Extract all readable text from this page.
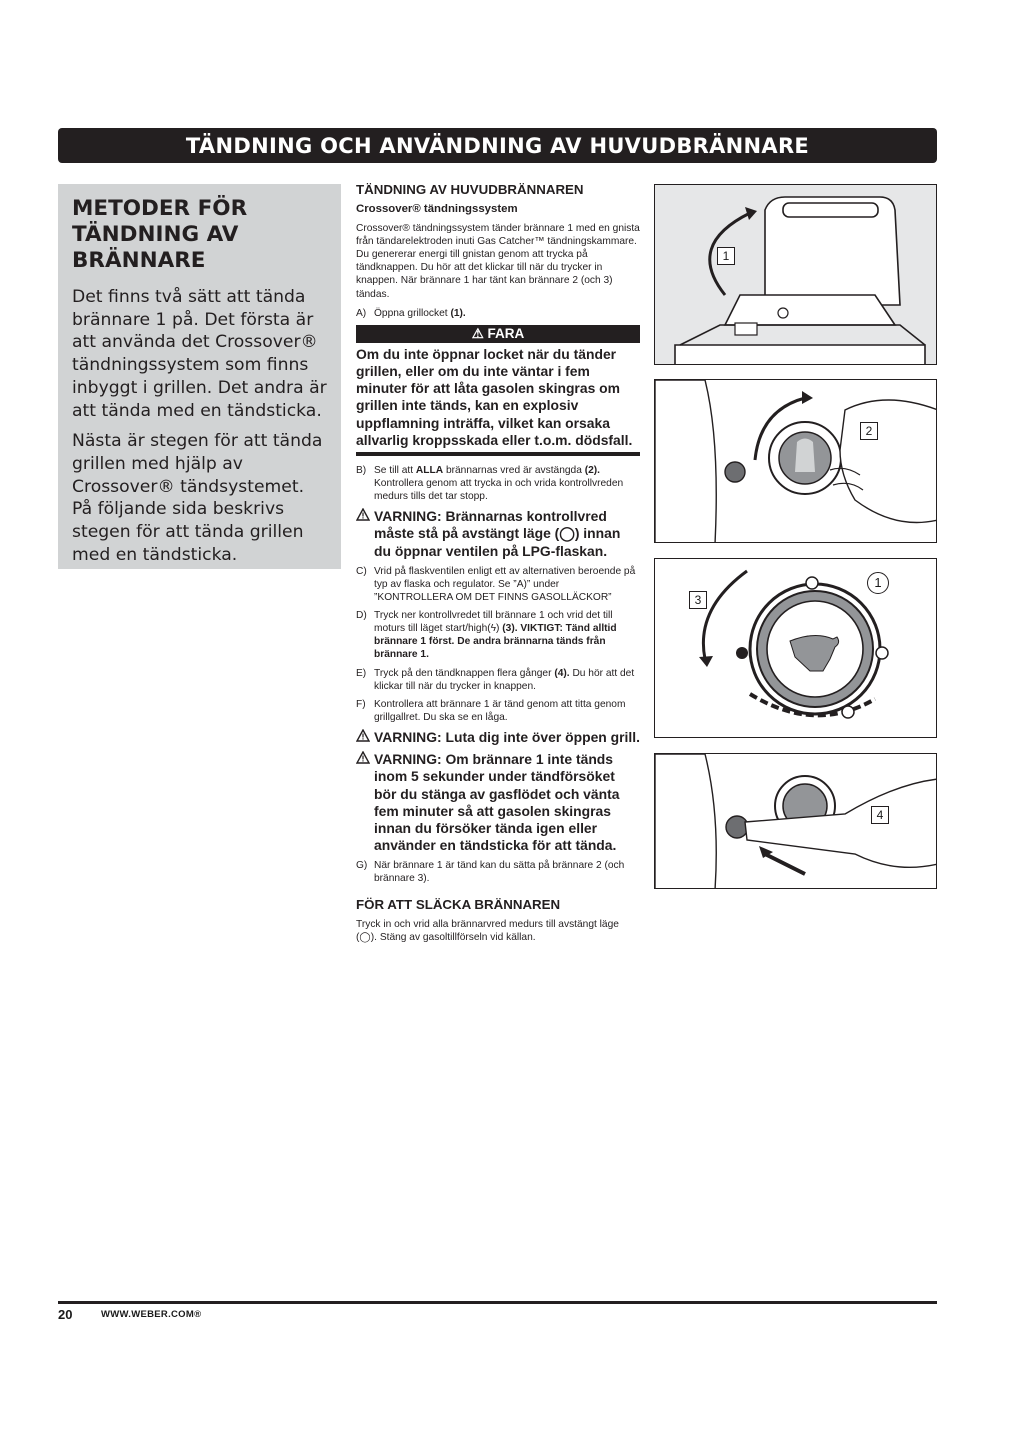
TÄNDNING OCH ANVÄNDNING AV HUVUDBRÄNNARE
METODER FÖR TÄNDNING AV BRÄNNARE

Det finns två sätt att tända brännare 1 på. Det första är att använda det Crossover® tändningssystem som finns inbyggt i grillen. Det andra är att tända med en tändsticka.

Nästa är stegen för att tända grillen med hjälp av Crossover® tändsystemet. På följande sida beskrivs stegen för att tända grillen med en tändsticka.

TÄNDNING AV HUVUDBRÄNNAREN
Crossover® tändningssystem

Crossover® tändningssystem tänder brännare 1 med en gnista från tändarelektroden inuti Gas Catcher™ tändningskammare. Du genererar energi till gnistan genom att trycka på tändknappen. Du hör att det klickar till när du trycker in knappen. När brännare 1 har tänt kan brännare 2 (och 3) tändas.

A) Öppna grillocket (1).
⚠ FARA
Om du inte öppnar locket när du tänder grillen, eller om du inte väntar i fem minuter för att låta gasolen skingras om grillen inte tänds, kan en explosiv uppflamning inträffa, vilket kan orsaka allvarlig kroppsskada eller t.o.m. dödsfall.
B) Se till att ALLA brännarnas vred är avstängda (2). Kontrollera genom att trycka in och vrida kontrollvreden medurs tills det tar stopp.
VARNING: Brännarnas kontrollvred måste stå på avstängt läge (◯) innan du öppnar ventilen på LPG-flaskan.
C) Vrid på flaskventilen enligt ett av alternativen beroende på typ av flaska och regulator. Se ”A)” under ”KONTROLLERA OM DET FINNS GASOLLÄCKOR”
D) Tryck ner kontrollvredet till brännare 1 och vrid det till moturs till läget start/high(ϟ) (3). VIKTIGT: Tänd alltid brännare 1 först. De andra brännarna tänds från brännare 1.
E) Tryck på den tändknappen flera gånger (4). Du hör att det klickar till när du trycker in knappen.
F) Kontrollera att brännare 1 är tänd genom att titta genom grillgallret. Du ska se en låga.
VARNING: Luta dig inte över öppen grill.
VARNING: Om brännare 1 inte tänds inom 5 sekunder under tändförsöket bör du stänga av gasflödet och vänta fem minuter så att gasolen skingras innan du försöker tända igen eller använder en tändsticka för att tända.
G) När brännare 1 är tänd kan du sätta på brännare 2 (och brännare 3).
FÖR ATT SLÄCKA BRÄNNAREN

Tryck in och vrid alla brännarvred medurs till avstängt läge (◯). Stäng av gasoltillförseln vid källan.

1
2
3
1
4
20	WWW.WEBER.COM®
